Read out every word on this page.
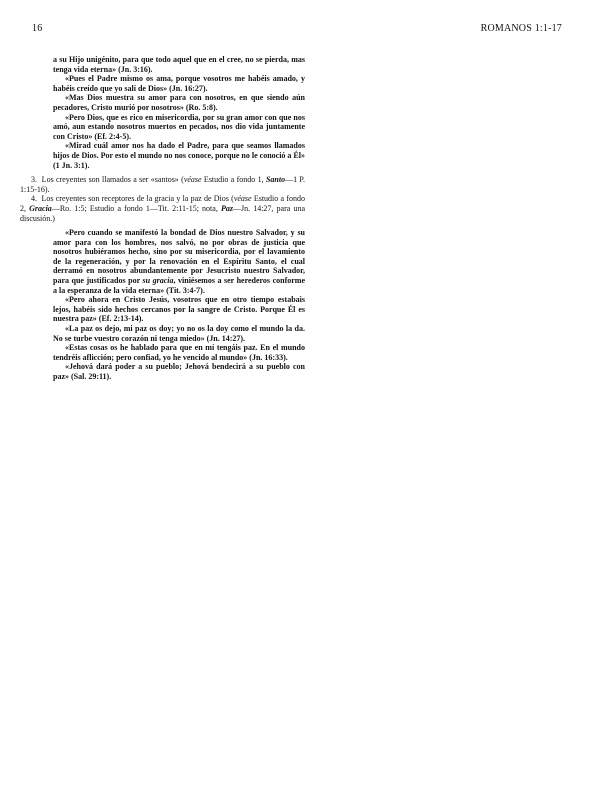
16	ROMANOS 1:1-17

a su Hijo unigénito, para que todo aquel que en el cree, no se pierda, mas tenga vida eterna» (Jn. 3:16).

«Pues el Padre mismo os ama, porque vosotros me habéis amado, y habéis creído que yo salí de Dios» (Jn. 16:27).

«Mas Dios muestra su amor para con nosotros, en que siendo aún pecadores, Cristo murió por nosotros» (Ro. 5:8).

«Pero Dios, que es rico en misericordia, por su gran amor con que nos amó, aun estando nosotros muertos en pecados, nos dio vida juntamente con Cristo» (Ef. 2:4-5).

«Mirad cuál amor nos ha dado el Padre, para que seamos llamados hijos de Dios. Por esto el mundo no nos conoce, porque no le conoció a Él» (1 Jn. 3:1).

3.  Los creyentes son llamados a ser «santos» (véase Estudio a fondo 1, Santo—1 P. 1:15-16).

4.  Los creyentes son receptores de la gracia y la paz de Dios (véase Estudio a fondo 2, Gracia—Ro. 1:5; Estudio a fondo 1—Tit. 2:11-15; nota, Paz—Jn. 14:27, para una discusión.)

«Pero cuando se manifestó la bondad de Dios nuestro Salvador, y su amor para con los hombres, nos salvó, no por obras de justicia que nosotros hubiéramos hecho, sino por su misericordia, por el lavamiento de la regeneración, y por la renovación en el Espíritu Santo, el cual derramó en nosotros abundantemente por Jesucristo nuestro Salvador, para que justificados por su gracia, viniésemos a ser herederos conforme a la esperanza de la vida eterna» (Tit. 3:4-7).

«Pero ahora en Cristo Jesús, vosotros que en otro tiempo estabais lejos, habéis sido hechos cercanos por la sangre de Cristo. Porque Él es nuestra paz» (Ef. 2:13-14).

«La paz os dejo, mi paz os doy; yo no os la doy como el mundo la da. No se turbe vuestro corazón ni tenga miedo» (Jn. 14:27).

«Estas cosas os he hablado para que en mí tengáis paz. En el mundo tendréis aflicción; pero confiad, yo he vencido al mundo» (Jn. 16:33).

«Jehová dará poder a su pueblo; Jehová bendecirá a su pueblo con paz» (Sal. 29:11).
